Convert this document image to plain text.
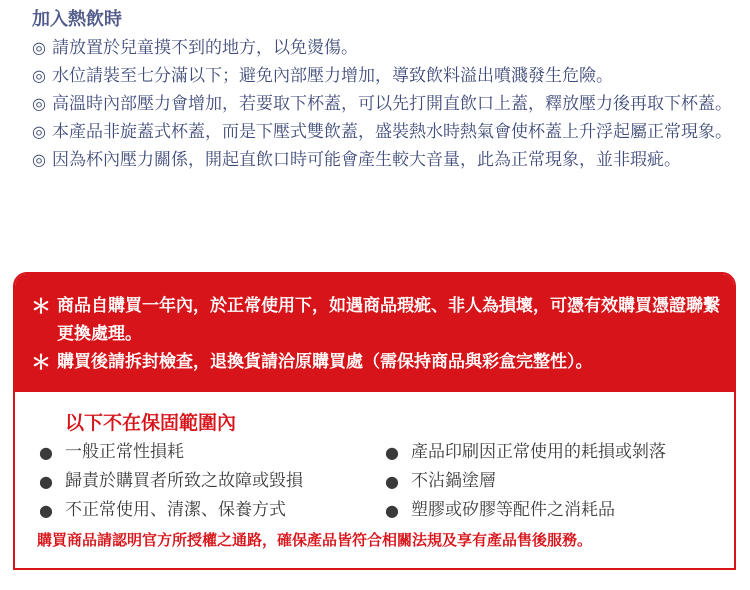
加入熱飲時
◎ 請放置於兒童摸不到的地方，以免燙傷。
◎ 水位請裝至七分滿以下；避免內部壓力增加，導致飲料溢出噴濺發生危險。
◎ 高溫時內部壓力會增加，若要取下杯蓋，可以先打開直飲口上蓋，釋放壓力後再取下杯蓋。
◎ 本產品非旋蓋式杯蓋，而是下壓式雙飲蓋，盛裝熱水時熱氣會使杯蓋上升浮起屬正常現象。
◎ 因為杯內壓力關係，開起直飲口時可能會產生較大音量，此為正常現象，並非瑕疵。
＊ 商品自購買一年內，於正常使用下，如遇商品瑕疵、非人為損壞，可憑有效購買憑證聯繫更換處理。
＊ 購買後請拆封檢查，退換貨請洽原購買處（需保持商品與彩盒完整性）。
以下不在保固範圍內
● 一般正常性損耗
● 歸責於購買者所致之故障或毀損
● 不正常使用、清潔、保養方式
● 產品印刷因正常使用的耗損或剝落
● 不沾鍋塗層
● 塑膠或矽膠等配件之消耗品
購買商品請認明官方所授權之通路，確保產品皆符合相關法規及享有產品售後服務。
